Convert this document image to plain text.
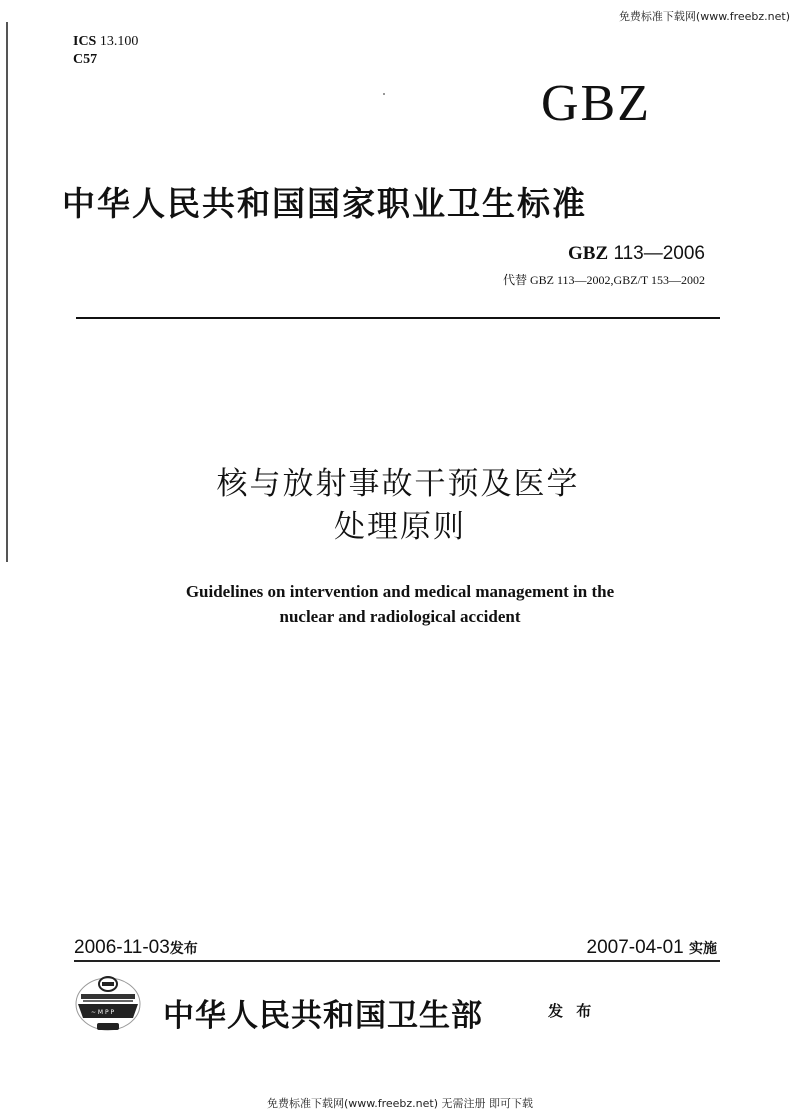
免费标准下载网(www.freebz.net)
ICS 13.100
C57
GBZ
中华人民共和国国家职业卫生标准
GBZ 113—2006
代替 GBZ 113—2002,GBZ/T 153—2002
核与放射事故干预及医学
处理原则
Guidelines on intervention and medical management in the
nuclear and radiological accident
2006-11-03发布	2007-04-01 实施
~ M P P 中华人民共和国卫生部	发 布
免费标准下载网(www.freebz.net) 无需注册 即可下载
